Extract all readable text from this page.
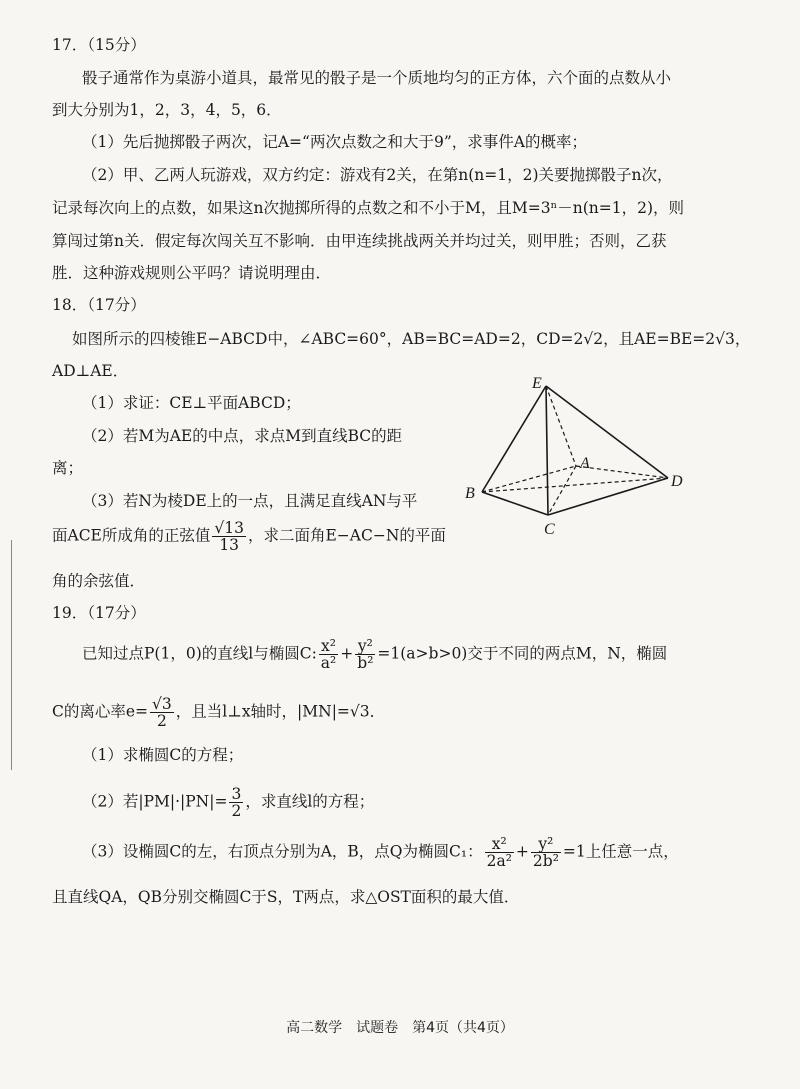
17．（15分）
骰子通常作为桌游小道具，最常见的骰子是一个质地均匀的正方体，六个面的点数从小
到大分别为1，2，3，4，5，6．
（1）先后抛掷骰子两次，记A=“两次点数之和大于9”，求事件A的概率；
（2）甲、乙两人玩游戏，双方约定：游戏有2关，在第n(n=1，2)关要抛掷骰子n次，
记录每次向上的点数，如果这n次抛掷所得的点数之和不小于M，且M=3ⁿ－n(n=1，2)，则
算闯过第n关．假定每次闯关互不影响．由甲连续挑战两关并均过关，则甲胜；否则，乙获
胜．这种游戏规则公平吗？请说明理由．
18．（17分）
如图所示的四棱锥E−ABCD中，∠ABC=60°，AB=BC=AD=2，CD=2√2，且AE=BE=2√3，
AD⊥AE．
（1）求证：CE⊥平面ABCD；
（2）若M为AE的中点，求点M到直线BC的距
离；
（3）若N为棱DE上的一点，且满足直线AN与平
面ACE所成角的正弦值 $\frac{√13}{13}$ ，求二面角E−AC−N的平面
角的余弦值．
E
A
B
C
D
19．（17分）
已知过点P(1，0)的直线l与椭圆C: $\frac{\text{x²}}{\text{a²}} + \frac{\text{y²}}{\text{b²}} =1(a>b>0)$交于不同的两点M，N，椭圆
C的离心率$e= \frac{√3}{2}$ ，且当l⊥x轴时，|MN|=√3．
（1）求椭圆C的方程；
（2）若$|PM|\cdot|PN|= \frac{3}{2}$ ，求直线l的方程；
（3）设椭圆C的左，右顶点分别为A，B，点Q为椭圆C₁： $\frac{\text{x²}}{\text{2a²}} + \frac{\text{y²}}{\text{2b²}} =1$上任意一点，
且直线QA，QB分别交椭圆C于S，T两点，求△OST面积的最大值．
高二数学　试题卷　第4页（共4页）
